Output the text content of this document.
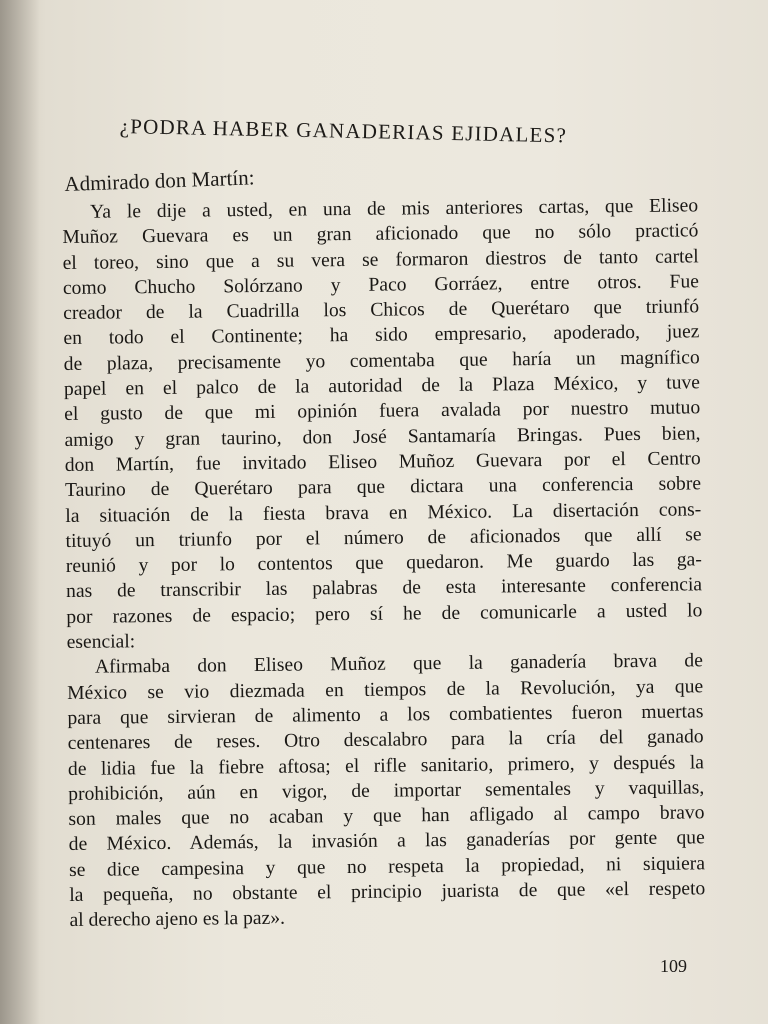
¿PODRA HABER GANADERIAS EJIDALES?
Admirado don Martín:
Ya le dije a usted, en una de mis anteriores cartas, que Eliseo
Muñoz Guevara es un gran aficionado que no sólo practicó
el toreo, sino que a su vera se formaron diestros de tanto cartel
como Chucho Solórzano y Paco Gorráez, entre otros. Fue
creador de la Cuadrilla los Chicos de Querétaro que triunfó
en todo el Continente; ha sido empresario, apoderado, juez
de plaza, precisamente yo comentaba que haría un magnífico
papel en el palco de la autoridad de la Plaza México, y tuve
el gusto de que mi opinión fuera avalada por nuestro mutuo
amigo y gran taurino, don José Santamaría Bringas. Pues bien,
don Martín, fue invitado Eliseo Muñoz Guevara por el Centro
Taurino de Querétaro para que dictara una conferencia sobre
la situación de la fiesta brava en México. La disertación cons-
tituyó un triunfo por el número de aficionados que allí se
reunió y por lo contentos que quedaron. Me guardo las ga-
nas de transcribir las palabras de esta interesante conferencia
por razones de espacio; pero sí he de comunicarle a usted lo
esencial:
Afirmaba don Eliseo Muñoz que la ganadería brava de
México se vio diezmada en tiempos de la Revolución, ya que
para que sirvieran de alimento a los combatientes fueron muertas
centenares de reses. Otro descalabro para la cría del ganado
de lidia fue la fiebre aftosa; el rifle sanitario, primero, y después la
prohibición, aún en vigor, de importar sementales y vaquillas,
son males que no acaban y que han afligado al campo bravo
de México. Además, la invasión a las ganaderías por gente que
se dice campesina y que no respeta la propiedad, ni siquiera
la pequeña, no obstante el principio juarista de que «el respeto
al derecho ajeno es la paz».
109
